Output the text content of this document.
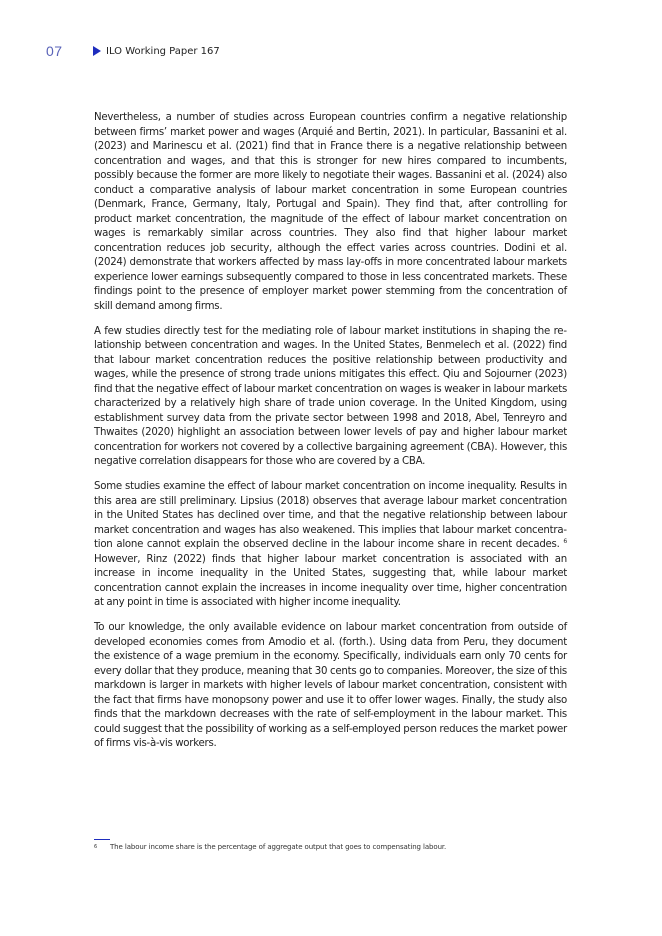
07	ILO Working Paper 167

Nevertheless, a number of studies across European countries confirm a negative relationship between firms’ market power and wages (Arquié and Bertin, 2021). In particular, Bassanini et al. (2023) and Marinescu et al. (2021) find that in France there is a negative relationship between concentration and wages, and that this is stronger for new hires compared to incumbents, possibly because the former are more likely to negotiate their wages. Bassanini et al. (2024) also conduct a comparative analysis of labour market concentration in some European countries (Denmark, France, Germany, Italy, Portugal and Spain). They find that, after controlling for product market concentration, the magnitude of the effect of labour market concentration on wages is remarkably similar across countries. They also find that higher labour market concentration reduces job security, although the effect varies across countries. Dodini et al. (2024) demonstrate that workers affected by mass lay-offs in more concentrated labour markets experience lower earnings subsequently compared to those in less concentrated markets. These findings point to the presence of employer market power stemming from the concentration of skill demand among firms.

A few studies directly test for the mediating role of labour market institutions in shaping the relationship between concentration and wages. In the United States, Benmelech et al. (2022) find that labour market concentration reduces the positive relationship between productivity and wages, while the presence of strong trade unions mitigates this effect. Qiu and Sojourner (2023) find that the negative effect of labour market concentration on wages is weaker in labour markets characterized by a relatively high share of trade union coverage. In the United Kingdom, using establishment survey data from the private sector between 1998 and 2018, Abel, Tenreyro and Thwaites (2020) highlight an association between lower levels of pay and higher labour market concentration for workers not covered by a collective bargaining agreement (CBA). However, this negative correlation disappears for those who are covered by a CBA.

Some studies examine the effect of labour market concentration on income inequality. Results in this area are still preliminary. Lipsius (2018) observes that average labour market concentration in the United States has declined over time, and that the negative relationship between labour market concentration and wages has also weakened. This implies that labour market concentration alone cannot explain the observed decline in the labour income share in recent decades. $^6$ However, Rinz (2022) finds that higher labour market concentration is associated with an increase in income inequality in the United States, suggesting that, while labour market concentration cannot explain the increases in income inequality over time, higher concentration at any point in time is associated with higher income inequality.

To our knowledge, the only available evidence on labour market concentration from outside of developed economies comes from Amodio et al. (forth.). Using data from Peru, they document the existence of a wage premium in the economy. Specifically, individuals earn only 70 cents for every dollar that they produce, meaning that 30 cents go to companies. Moreover, the size of this markdown is larger in markets with higher levels of labour market concentration, consistent with the fact that firms have monopsony power and use it to offer lower wages. Finally, the study also finds that the markdown decreases with the rate of self-employment in the labour market. This could suggest that the possibility of working as a self-employed person reduces the market power of firms vis-à-vis workers.

6	The labour income share is the percentage of aggregate output that goes to compensating labour.
